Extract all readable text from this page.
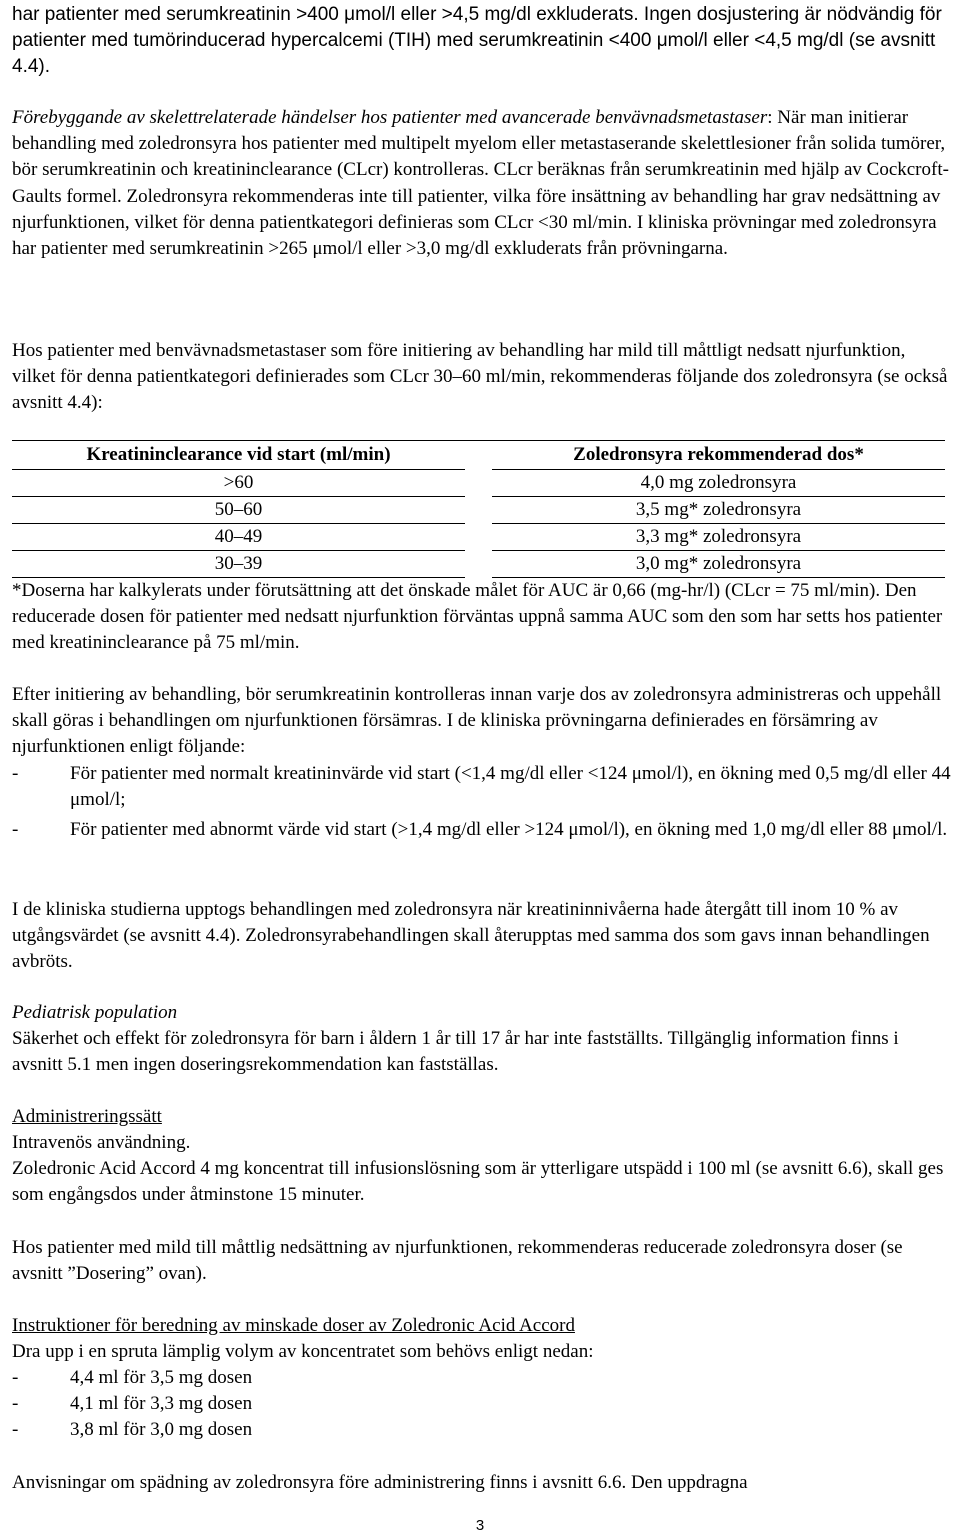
har patienter med serumkreatinin >400 μmol/l eller >4,5 mg/dl exkluderats. Ingen dosjustering är nödvändig för patienter med tumörinducerad hypercalcemi (TIH) med serumkreatinin <400 μmol/l eller <4,5 mg/dl (se avsnitt 4.4).

Förebyggande av skelettrelaterade händelser hos patienter med avancerade benvävnadsmetastaser: När man initierar behandling med zoledronsyra hos patienter med multipelt myelom eller metastaserande skelettlesioner från solida tumörer, bör serumkreatinin och kreatininclearance (CLcr) kontrolleras. CLcr beräknas från serumkreatinin med hjälp av Cockcroft-Gaults formel. Zoledronsyra rekommenderas inte till patienter, vilka före insättning av behandling har grav nedsättning av njurfunktionen, vilket för denna patientkategori definieras som CLcr <30 ml/min. I kliniska prövningar med zoledronsyra har patienter med serumkreatinin >265 μmol/l eller >3,0 mg/dl exkluderats från prövningarna.

Hos patienter med benvävnadsmetastaser som före initiering av behandling har mild till måttligt nedsatt njurfunktion, vilket för denna patientkategori definierades som CLcr 30–60 ml/min, rekommenderas följande dos zoledronsyra (se också avsnitt 4.4):

Kreatininclearance vid start (ml/min)		Zoledronsyra rekommenderad dos*
>60		4,0 mg zoledronsyra
50–60		3,5 mg* zoledronsyra
40–49		3,3 mg* zoledronsyra
30–39		3,0 mg* zoledronsyra

*Doserna har kalkylerats under förutsättning att det önskade målet för AUC är 0,66 (mg-hr/l) (CLcr = 75 ml/min). Den reducerade dosen för patienter med nedsatt njurfunktion förväntas uppnå samma AUC som den som har setts hos patienter med kreatininclearance på 75 ml/min.

Efter initiering av behandling, bör serumkreatinin kontrolleras innan varje dos av zoledronsyra administreras och uppehåll skall göras i behandlingen om njurfunktionen försämras. I de kliniska prövningarna definierades en försämring av njurfunktionen enligt följande:

-	För patienter med normalt kreatininvärde vid start (<1,4 mg/dl eller <124 μmol/l), en ökning med 0,5 mg/dl eller 44 μmol/l;
-	För patienter med abnormt värde vid start (>1,4 mg/dl eller >124 μmol/l), en ökning med 1,0 mg/dl eller 88 μmol/l.

I de kliniska studierna upptogs behandlingen med zoledronsyra när kreatininnivåerna hade återgått till inom 10 % av utgångsvärdet (se avsnitt 4.4). Zoledronsyrabehandlingen skall återupptas med samma dos som gavs innan behandlingen avbröts.

Pediatrisk population

Säkerhet och effekt för zoledronsyra för barn i åldern 1 år till 17 år har inte fastställts. Tillgänglig information finns i avsnitt 5.1 men ingen doseringsrekommendation kan fastställas.

Administreringssätt

Intravenös användning.

Zoledronic Acid Accord 4 mg koncentrat till infusionslösning som är ytterligare utspädd i 100 ml (se avsnitt 6.6), skall ges som engångsdos under åtminstone 15 minuter.

Hos patienter med mild till måttlig nedsättning av njurfunktionen, rekommenderas reducerade zoledronsyra doser (se avsnitt ”Dosering” ovan).

Instruktioner för beredning av minskade doser av Zoledronic Acid Accord

Dra upp i en spruta lämplig volym av koncentratet som behövs enligt nedan:

-	4,4 ml för 3,5 mg dosen
-	4,1 ml för 3,3 mg dosen
-	3,8 ml för 3,0 mg dosen

Anvisningar om spädning av zoledronsyra före administrering finns i avsnitt 6.6. Den uppdragna

3
